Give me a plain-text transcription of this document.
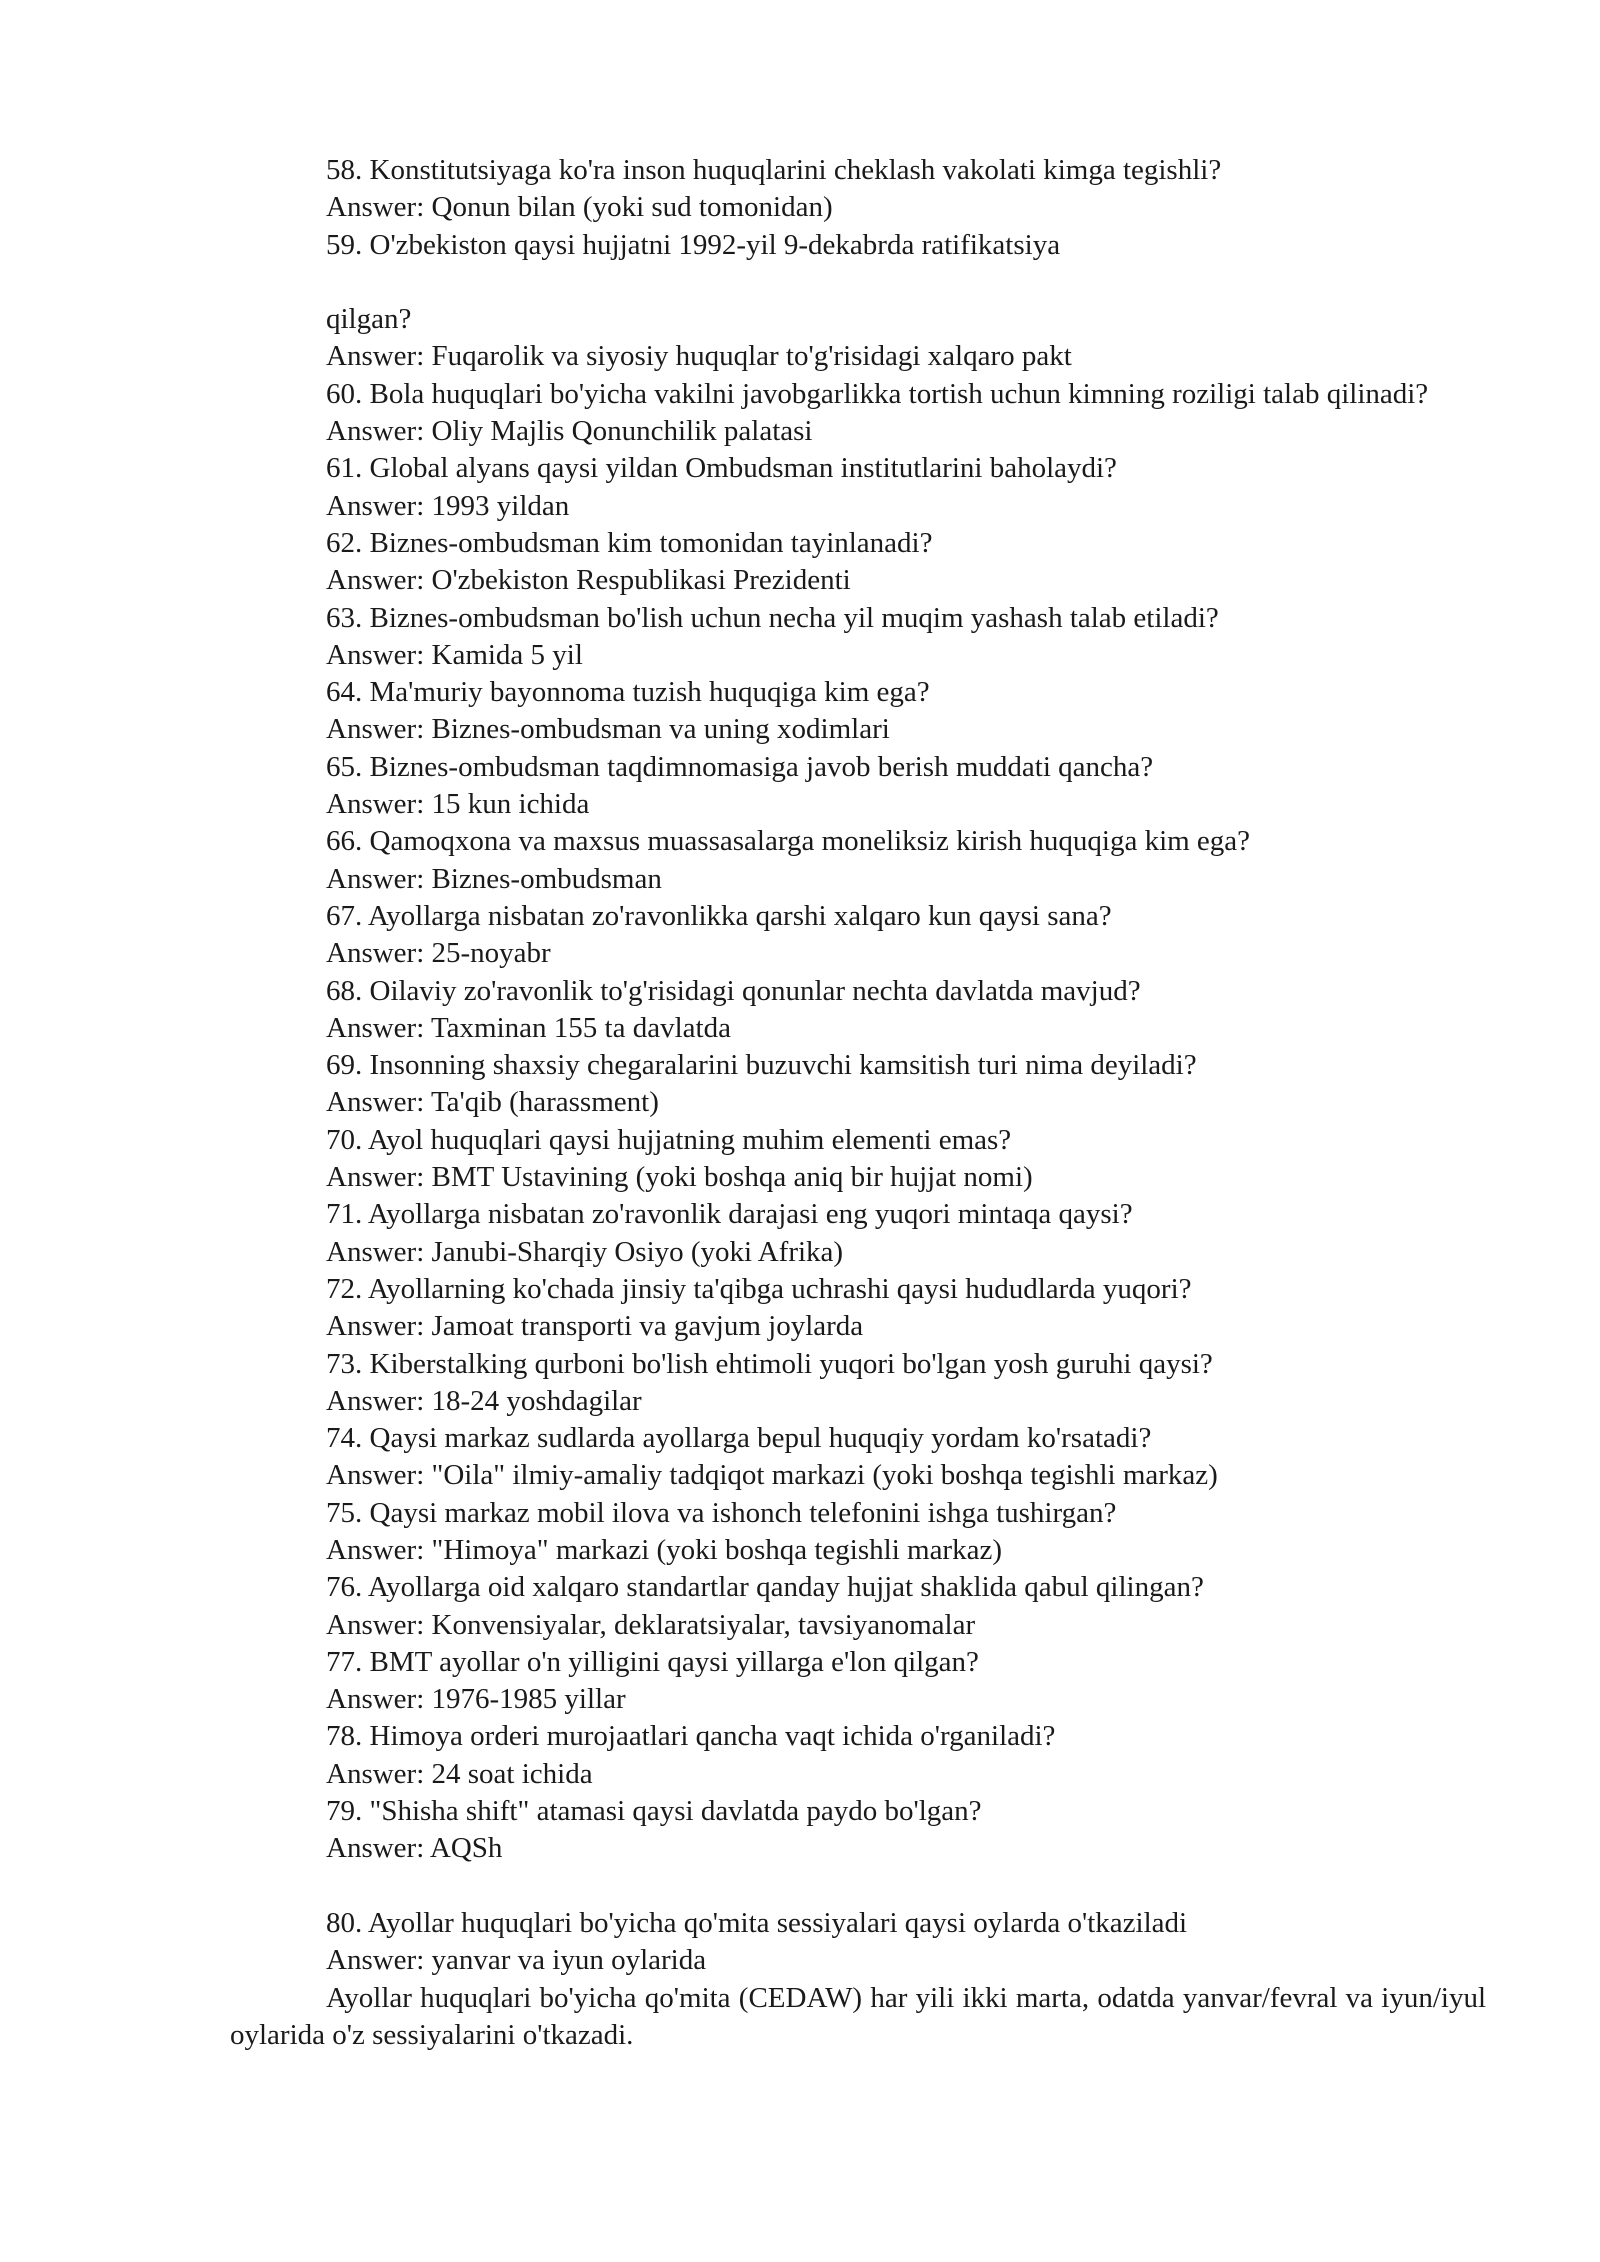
58. Konstitutsiyaga ko'ra inson huquqlarini cheklash vakolati kimga tegishli?
Answer: Qonun bilan (yoki sud tomonidan)
59. O'zbekiston qaysi hujjatni 1992-yil 9-dekabrda ratifikatsiya
qilgan?
Answer: Fuqarolik va siyosiy huquqlar to'g'risidagi xalqaro pakt
60. Bola huquqlari bo'yicha vakilni javobgarlikka tortish uchun kimning roziligi talab qilinadi?
Answer: Oliy Majlis Qonunchilik palatasi
61. Global alyans qaysi yildan Ombudsman institutlarini baholaydi?
Answer: 1993 yildan
62. Biznes-ombudsman kim tomonidan tayinlanadi?
Answer: O'zbekiston Respublikasi Prezidenti
63. Biznes-ombudsman bo'lish uchun necha yil muqim yashash talab etiladi?
Answer: Kamida 5 yil
64. Ma'muriy bayonnoma tuzish huquqiga kim ega?
Answer: Biznes-ombudsman va uning xodimlari
65. Biznes-ombudsman taqdimnomasiga javob berish muddati qancha?
Answer: 15 kun ichida
66. Qamoqxona va maxsus muassasalarga moneliksiz kirish huquqiga kim ega?
Answer: Biznes-ombudsman
67. Ayollarga nisbatan zo'ravonlikka qarshi xalqaro kun qaysi sana?
Answer: 25-noyabr
68. Oilaviy zo'ravonlik to'g'risidagi qonunlar nechta davlatda mavjud?
Answer: Taxminan 155 ta davlatda
69. Insonning shaxsiy chegaralarini buzuvchi kamsitish turi nima deyiladi?
Answer: Ta'qib (harassment)
70. Ayol huquqlari qaysi hujjatning muhim elementi emas?
Answer: BMT Ustavining (yoki boshqa aniq bir hujjat nomi)
71. Ayollarga nisbatan zo'ravonlik darajasi eng yuqori mintaqa qaysi?
Answer: Janubi-Sharqiy Osiyo (yoki Afrika)
72. Ayollarning ko'chada jinsiy ta'qibga uchrashi qaysi hududlarda yuqori?
Answer: Jamoat transporti va gavjum joylarda
73. Kiberstalking qurboni bo'lish ehtimoli yuqori bo'lgan yosh guruhi qaysi?
Answer: 18-24 yoshdagilar
74. Qaysi markaz sudlarda ayollarga bepul huquqiy yordam ko'rsatadi?
Answer: "Oila" ilmiy-amaliy tadqiqot markazi (yoki boshqa tegishli markaz)
75. Qaysi markaz mobil ilova va ishonch telefonini ishga tushirgan?
Answer: "Himoya" markazi (yoki boshqa tegishli markaz)
76. Ayollarga oid xalqaro standartlar qanday hujjat shaklida qabul qilingan?
Answer: Konvensiyalar, deklaratsiyalar, tavsiyanomalar
77. BMT ayollar o'n yilligini qaysi yillarga e'lon qilgan?
Answer: 1976-1985 yillar
78. Himoya orderi murojaatlari qancha vaqt ichida o'rganiladi?
Answer: 24 soat ichida
79. "Shisha shift" atamasi qaysi davlatda paydo bo'lgan?
Answer: AQSh
80. Ayollar huquqlari bo'yicha qo'mita sessiyalari qaysi oylarda o'tkaziladi
Answer: yanvar va iyun oylarida
Ayollar huquqlari bo'yicha qo'mita (CEDAW) har yili ikki marta, odatda yanvar/fevral va iyun/iyul oylarida o'z sessiyalarini o'tkazadi.
